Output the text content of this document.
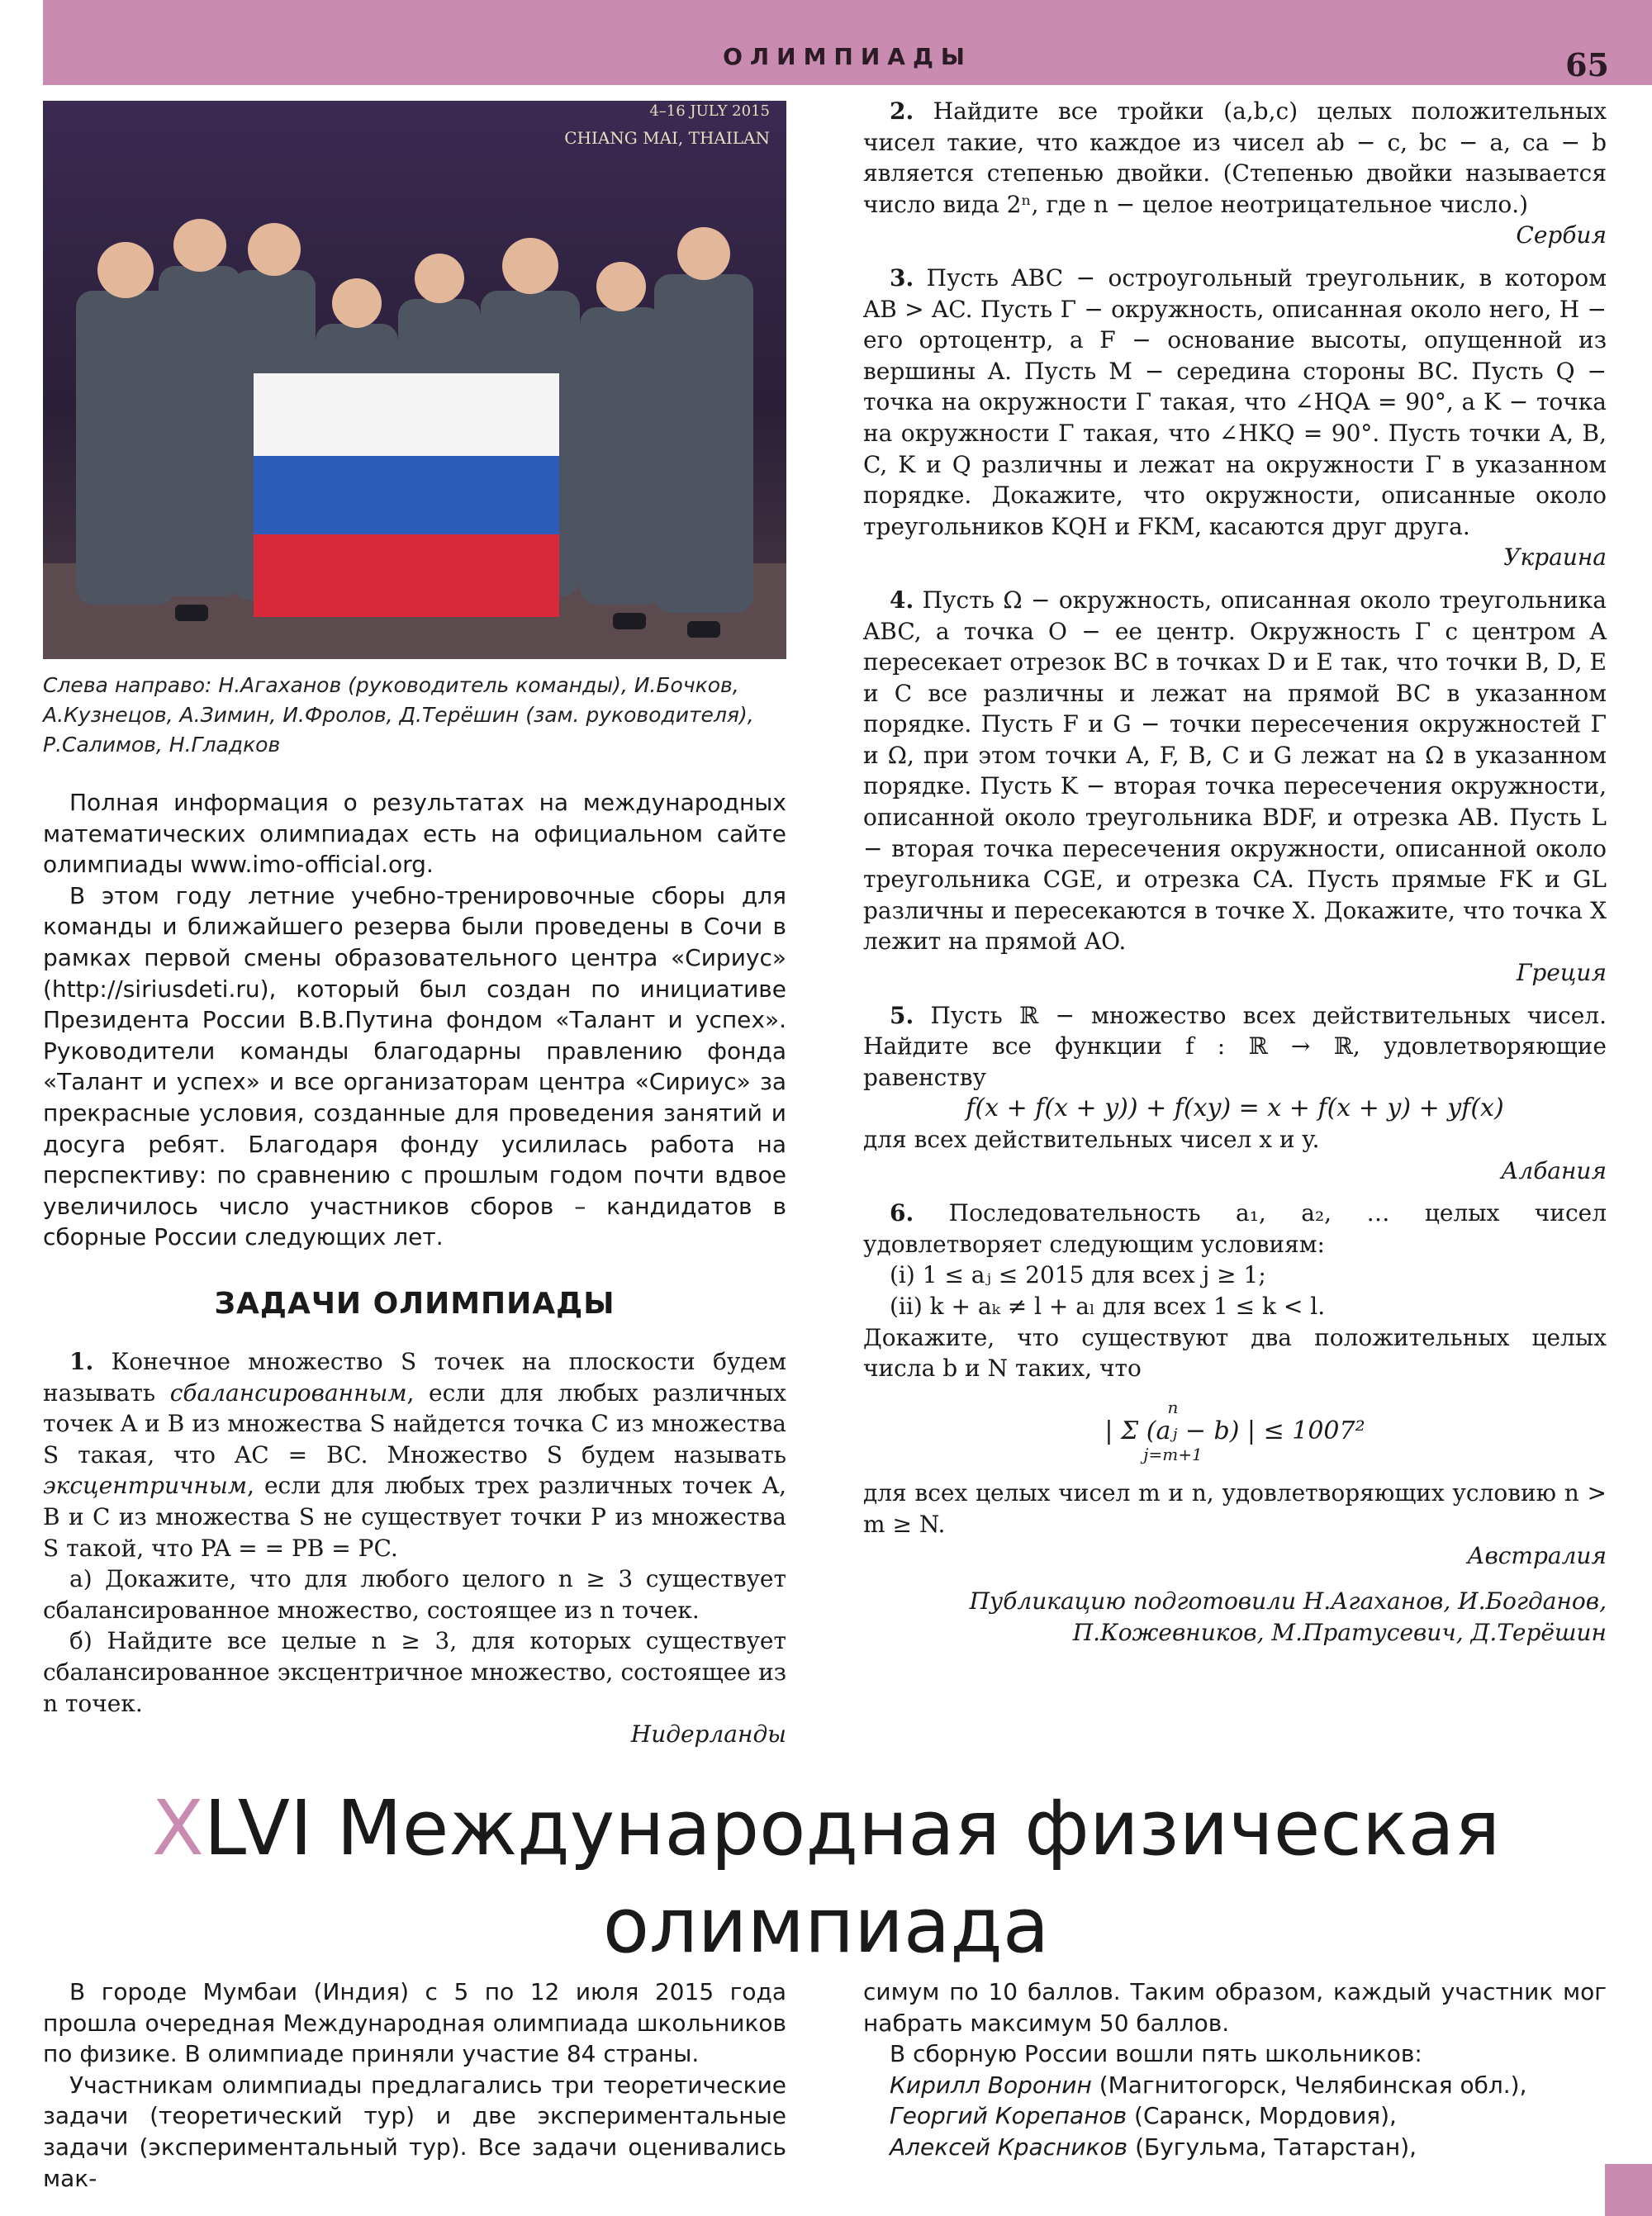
ОЛИМПИАДЫ	65
4–16 JULY 2015
CHIANG MAI, THAILAN
Слева направо: Н.Агаханов (руководитель команды), И.Бочков, А.Кузнецов, А.Зимин, И.Фролов, Д.Терёшин (зам. руководителя), Р.Салимов, Н.Гладков

Полная информация о результатах на международных математических олимпиадах есть на официальном сайте олимпиады www.imo-official.org.

В этом году летние учебно-тренировочные сборы для команды и ближайшего резерва были проведены в Сочи в рамках первой смены образовательного центра «Сириус» (http://siriusdeti.ru), который был создан по инициативе Президента России В.В.Путина фондом «Талант и успех». Руководители команды благодарны правлению фонда «Талант и успех» и все организаторам центра «Сириус» за прекрасные условия, созданные для проведения занятий и досуга ребят. Благодаря фонду усилилась работа на перспективу: по сравнению с прошлым годом почти вдвое увеличилось число участников сборов – кандидатов в сборные России следующих лет.

ЗАДАЧИ ОЛИМПИАДЫ

1. Конечное множество S точек на плоскости будем называть сбалансированным, если для любых различных точек A и B из множества S найдется точка C из множества S такая, что AC = BC. Множество S будем называть эксцентричным, если для любых трех различных точек A, B и C из множества S не существует точки P из множества S такой, что PA = = PB = PC.

а) Докажите, что для любого целого n ≥ 3 существует сбалансированное множество, состоящее из n точек.

б) Найдите все целые n ≥ 3, для которых существует сбалансированное эксцентричное множество, состоящее из n точек.

Нидерланды

2. Найдите все тройки (a,b,c) целых положительных чисел такие, что каждое из чисел ab − c, bc − a, ca − b является степенью двойки. (Степенью двойки называется число вида 2ⁿ, где n − целое неотрицательное число.)

Сербия

3. Пусть ABC − остроугольный треугольник, в котором AB > AC. Пусть Γ − окружность, описанная около него, H − его ортоцентр, а F − основание высоты, опущенной из вершины A. Пусть M − середина стороны BC. Пусть Q − точка на окружности Γ такая, что ∠HQA = 90°, а K − точка на окружности Γ такая, что ∠HKQ = 90°. Пусть точки A, B, C, K и Q различны и лежат на окружности Γ в указанном порядке. Докажите, что окружности, описанные около треугольников KQH и FKM, касаются друг друга.

Украина

4. Пусть Ω − окружность, описанная около треугольника ABC, а точка O − ее центр. Окружность Γ с центром A пересекает отрезок BC в точках D и E так, что точки B, D, E и C все различны и лежат на прямой BC в указанном порядке. Пусть F и G − точки пересечения окружностей Γ и Ω, при этом точки A, F, B, C и G лежат на Ω в указанном порядке. Пусть K − вторая точка пересечения окружности, описанной около треугольника BDF, и отрезка AB. Пусть L − вторая точка пересечения окружности, описанной около треугольника CGE, и отрезка CA. Пусть прямые FK и GL различны и пересекаются в точке X. Докажите, что точка X лежит на прямой AO.

Греция

5. Пусть ℝ − множество всех действительных чисел. Найдите все функции f : ℝ → ℝ, удовлетворяющие равенству

f(x + f(x + y)) + f(xy) = x + f(x + y) + yf(x)

для всех действительных чисел x и y.

Албания

6. Последовательность a₁, a₂, … целых чисел удовлетворяет следующим условиям:

(i) 1 ≤ aⱼ ≤ 2015 для всех j ≥ 1;

(ii) k + aₖ ≠ l + aₗ для всех 1 ≤ k < l.

Докажите, что существуют два положительных целых числа b и N таких, что

n
| Σ (aⱼ − b) | ≤ 1007²
j=m+1

для всех целых чисел m и n, удовлетворяющих условию n > m ≥ N.

Австралия

Публикацию подготовили Н.Агаханов, И.Богданов,
П.Кожевников, М.Пратусевич, Д.Терёшин
XLVI Международная физическая
олимпиада

В городе Мумбаи (Индия) с 5 по 12 июля 2015 года прошла очередная Международная олимпиада школьников по физике. В олимпиаде приняли участие 84 страны.

Участникам олимпиады предлагались три теоретические задачи (теоретический тур) и две экспериментальные задачи (экспериментальный тур). Все задачи оценивались мак-

симум по 10 баллов. Таким образом, каждый участник мог набрать максимум 50 баллов.

В сборную России вошли пять школьников:

Кирилл Воронин (Магнитогорск, Челябинская обл.),

Георгий Корепанов (Саранск, Мордовия),

Алексей Красников (Бугульма, Татарстан),
